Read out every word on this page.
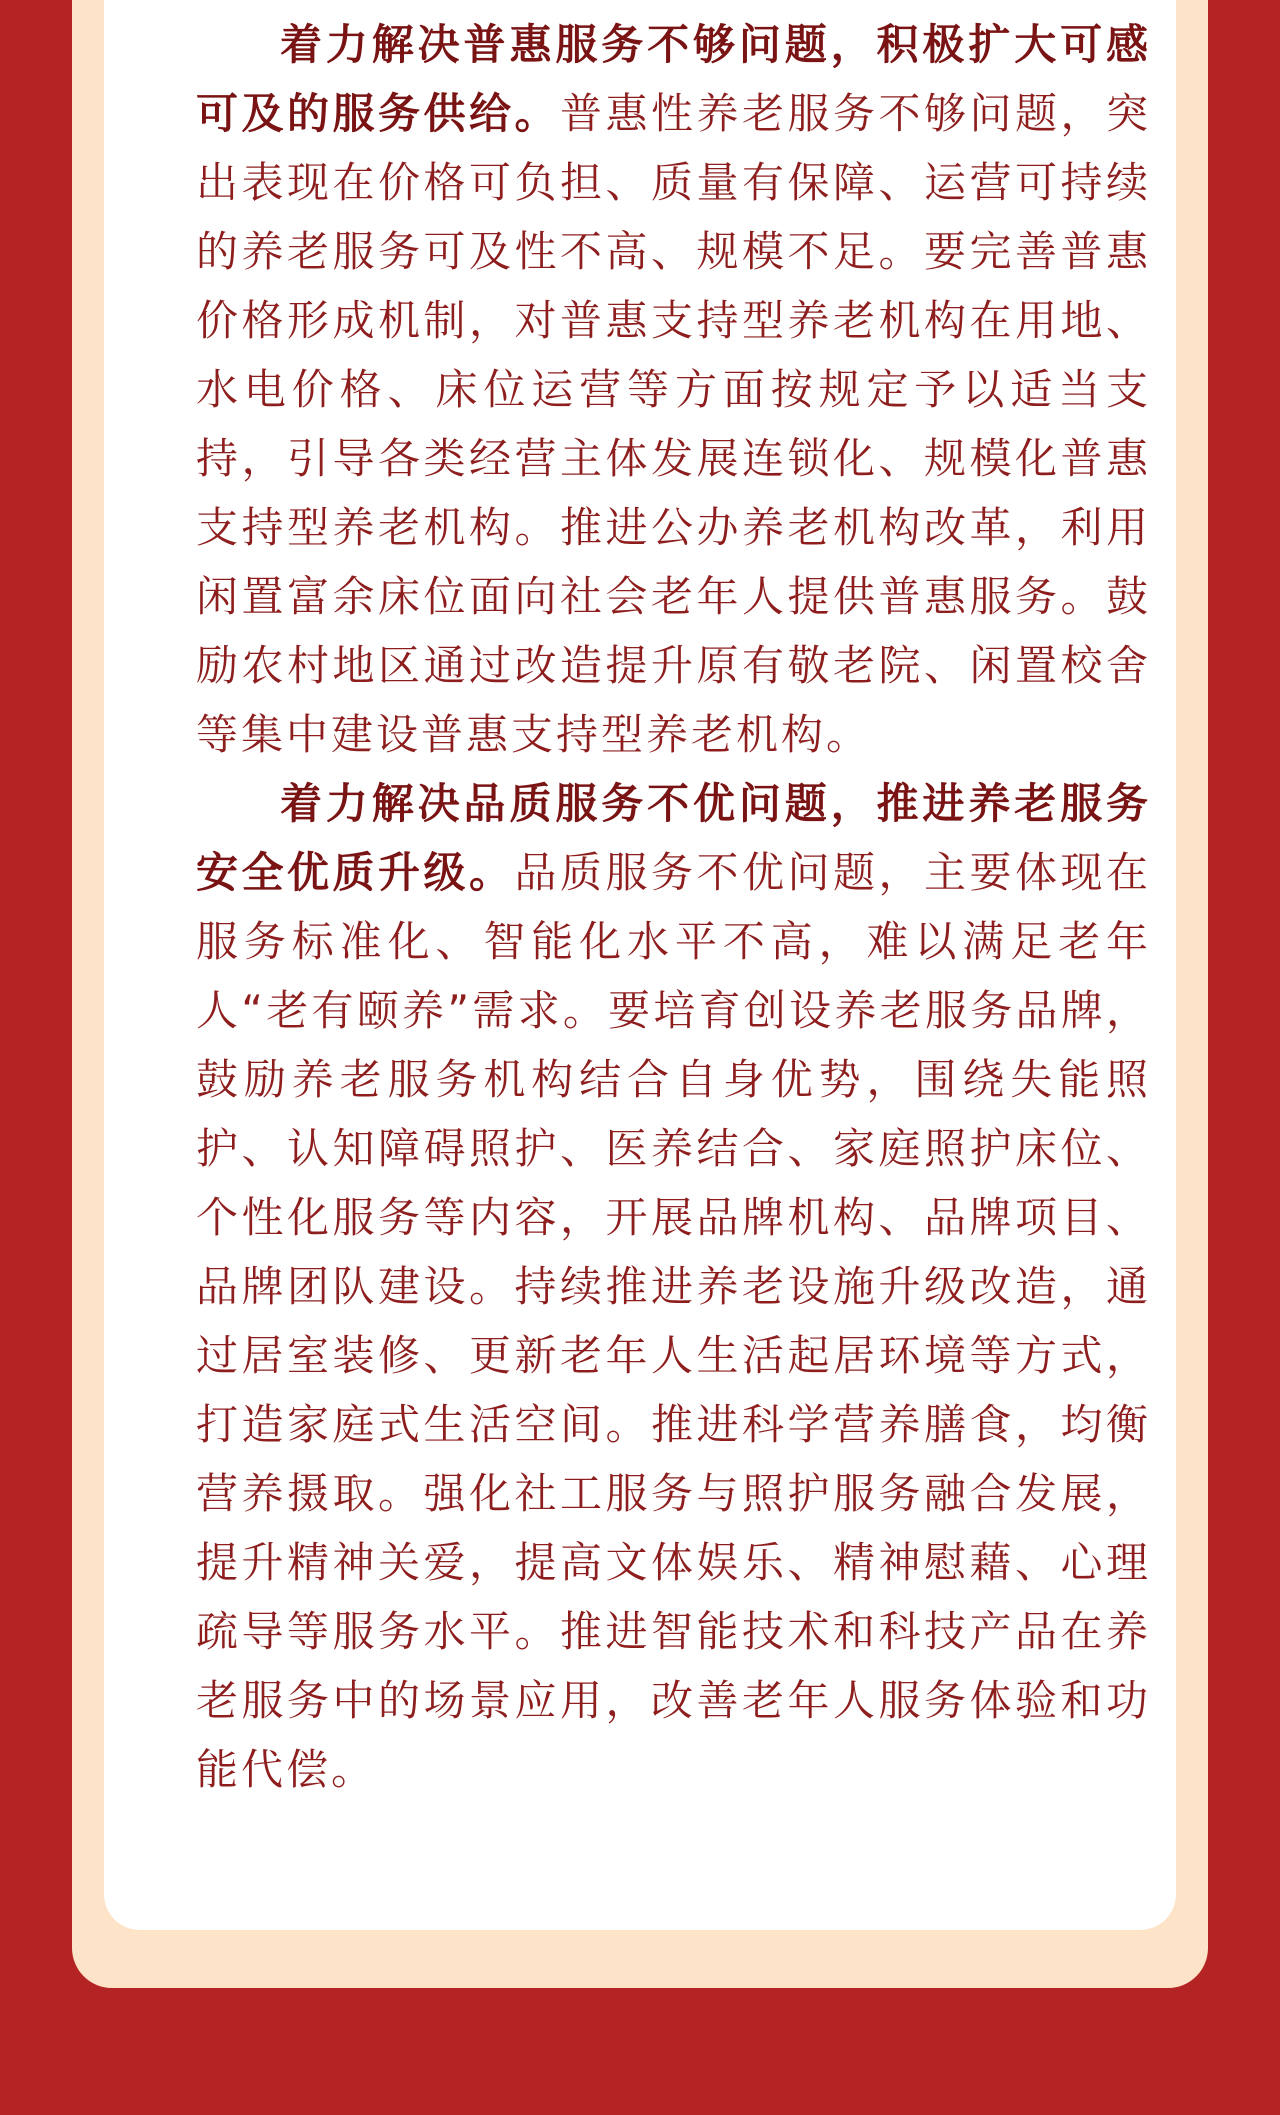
着力解决普惠服务不够问题，积极扩大可感可及的服务供给。普惠性养老服务不够问题，突出表现在价格可负担、质量有保障、运营可持续的养老服务可及性不高、规模不足。要完善普惠价格形成机制，对普惠支持型养老机构在用地、水电价格、床位运营等方面按规定予以适当支持，引导各类经营主体发展连锁化、规模化普惠支持型养老机构。推进公办养老机构改革，利用闲置富余床位面向社会老年人提供普惠服务。鼓励农村地区通过改造提升原有敬老院、闲置校舍等集中建设普惠支持型养老机构。

着力解决品质服务不优问题，推进养老服务安全优质升级。品质服务不优问题，主要体现在服务标准化、智能化水平不高，难以满足老年人“老有颐养”需求。要培育创设养老服务品牌，鼓励养老服务机构结合自身优势，围绕失能照护、认知障碍照护、医养结合、家庭照护床位、个性化服务等内容，开展品牌机构、品牌项目、品牌团队建设。持续推进养老设施升级改造，通过居室装修、更新老年人生活起居环境等方式，打造家庭式生活空间。推进科学营养膳食，均衡营养摄取。强化社工服务与照护服务融合发展，提升精神关爱，提高文体娱乐、精神慰藉、心理疏导等服务水平。推进智能技术和科技产品在养老服务中的场景应用，改善老年人服务体验和功能代偿。
